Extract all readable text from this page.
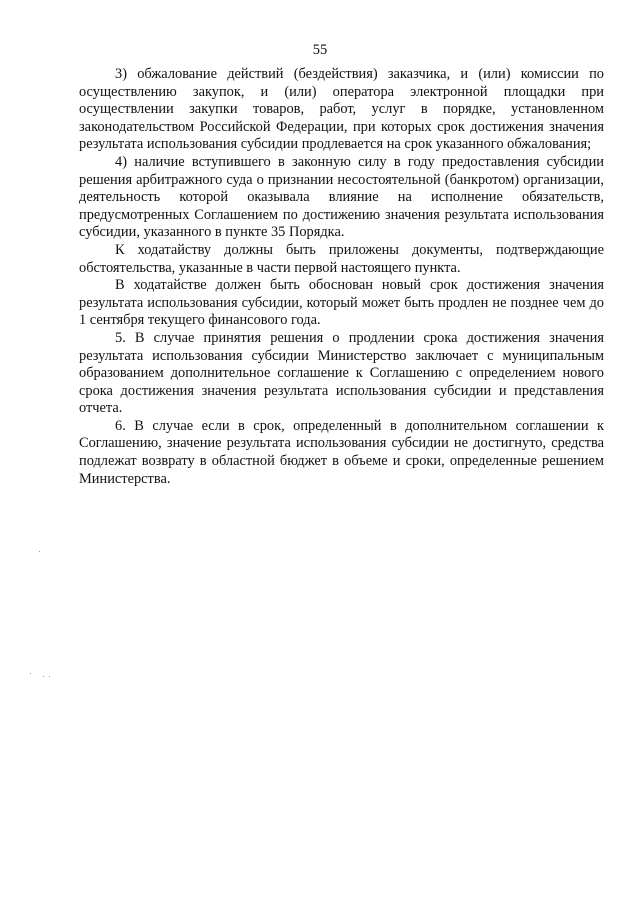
55

3) обжалование действий (бездействия) заказчика, и (или) комиссии по осуществлению закупок, и (или) оператора электронной площадки при осуществлении закупки товаров, работ, услуг в порядке, установленном законодательством Российской Федерации, при которых срок достижения значения результата использования субсидии продлевается на срок указанного обжалования;

4) наличие вступившего в законную силу в году предоставления субсидии решения арбитражного суда о признании несостоятельной (банкротом) организации, деятельность которой оказывала влияние на исполнение обязательств, предусмотренных Соглашением по достижению значения результата использования субсидии, указанного в пункте 35 Порядка.

К ходатайству должны быть приложены документы, подтверждающие обстоятельства, указанные в части первой настоящего пункта.

В ходатайстве должен быть обоснован новый срок достижения значения результата использования субсидии, который может быть продлен не позднее чем до 1 сентября текущего финансового года.

5. В случае принятия решения о продлении срока достижения значения результата использования субсидии Министерство заключает с муниципальным образованием дополнительное соглашение к Соглашению с определением нового срока достижения значения результата использования субсидии и представления отчета.

6. В случае если в срок, определенный в дополнительном соглашении к Соглашению, значение результата использования субсидии не достигнуто, средства подлежат возврату в областной бюджет в объеме и сроки, определенные решением Министерства.
